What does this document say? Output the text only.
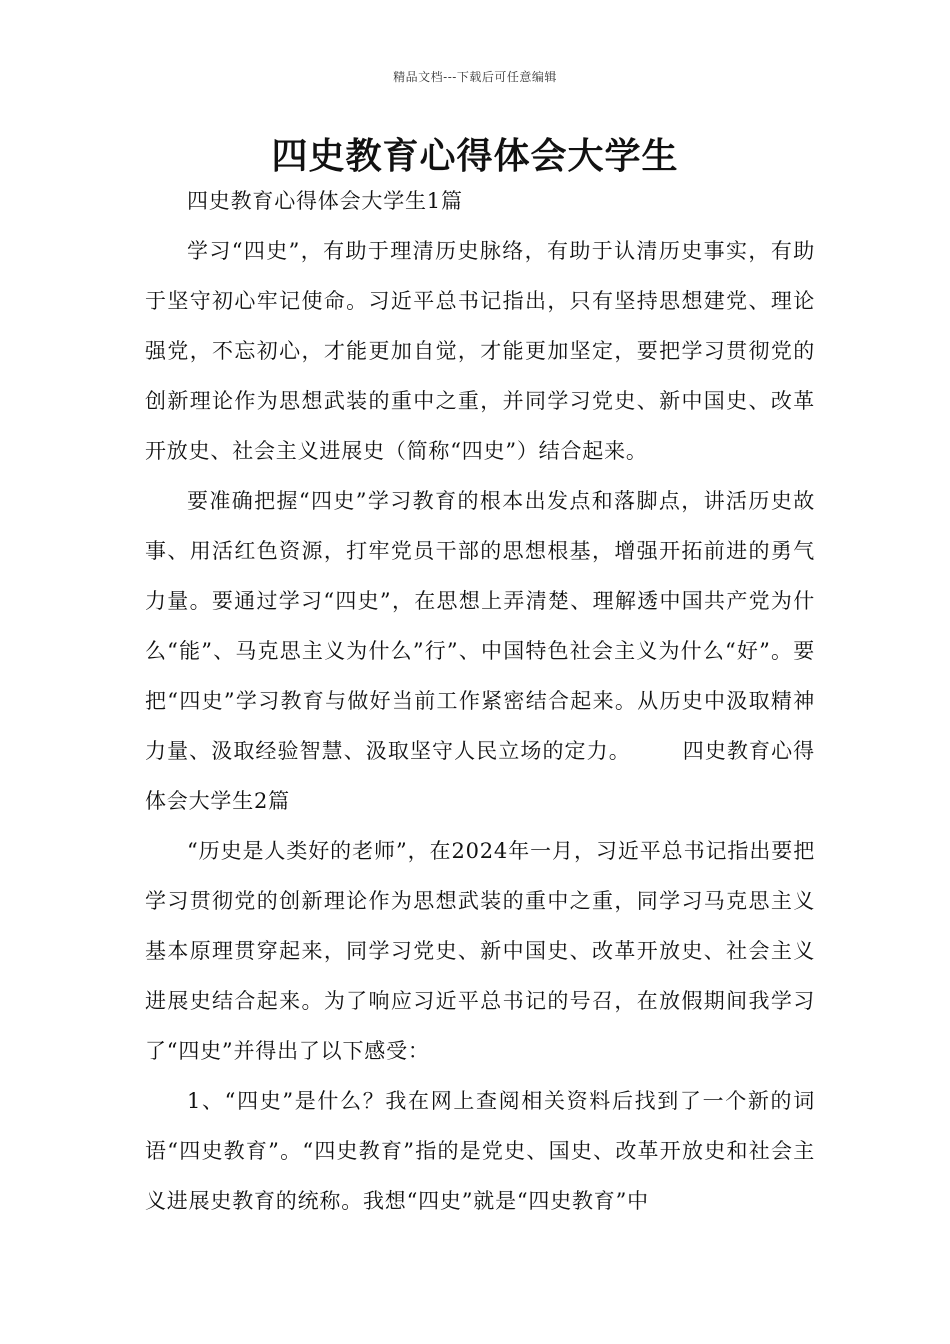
精品文档---下载后可任意编辑
四史教育心得体会大学生

四史教育心得体会大学生1篇

学习“四史”，有助于理清历史脉络，有助于认清历史事实，有助于坚守初心牢记使命。习近平总书记指出，只有坚持思想建党、理论强党，不忘初心，才能更加自觉，才能更加坚定，要把学习贯彻党的创新理论作为思想武装的重中之重，并同学习党史、新中国史、改革开放史、社会主义进展史（简称“四史”）结合起来。

要准确把握“四史”学习教育的根本出发点和落脚点，讲活历史故事、用活红色资源，打牢党员干部的思想根基，增强开拓前进的勇气力量。要通过学习“四史”，在思想上弄清楚、理解透中国共产党为什么“能”、马克思主义为什么”行”、中国特色社会主义为什么“好”。要把“四史”学习教育与做好当前工作紧密结合起来。从历史中汲取精神力量、汲取经验智慧、汲取坚守人民立场的定力。 四史教育心得体会大学生2篇

“历史是人类好的老师”，在2024年一月，习近平总书记指出要把学习贯彻党的创新理论作为思想武装的重中之重，同学习马克思主义基本原理贯穿起来，同学习党史、新中国史、改革开放史、社会主义进展史结合起来。为了响应习近平总书记的号召，在放假期间我学习了“四史”并得出了以下感受：

1、“四史”是什么？我在网上查阅相关资料后找到了一个新的词语“四史教育”。“四史教育”指的是党史、国史、改革开放史和社会主义进展史教育的统称。我想“四史”就是“四史教育”中
